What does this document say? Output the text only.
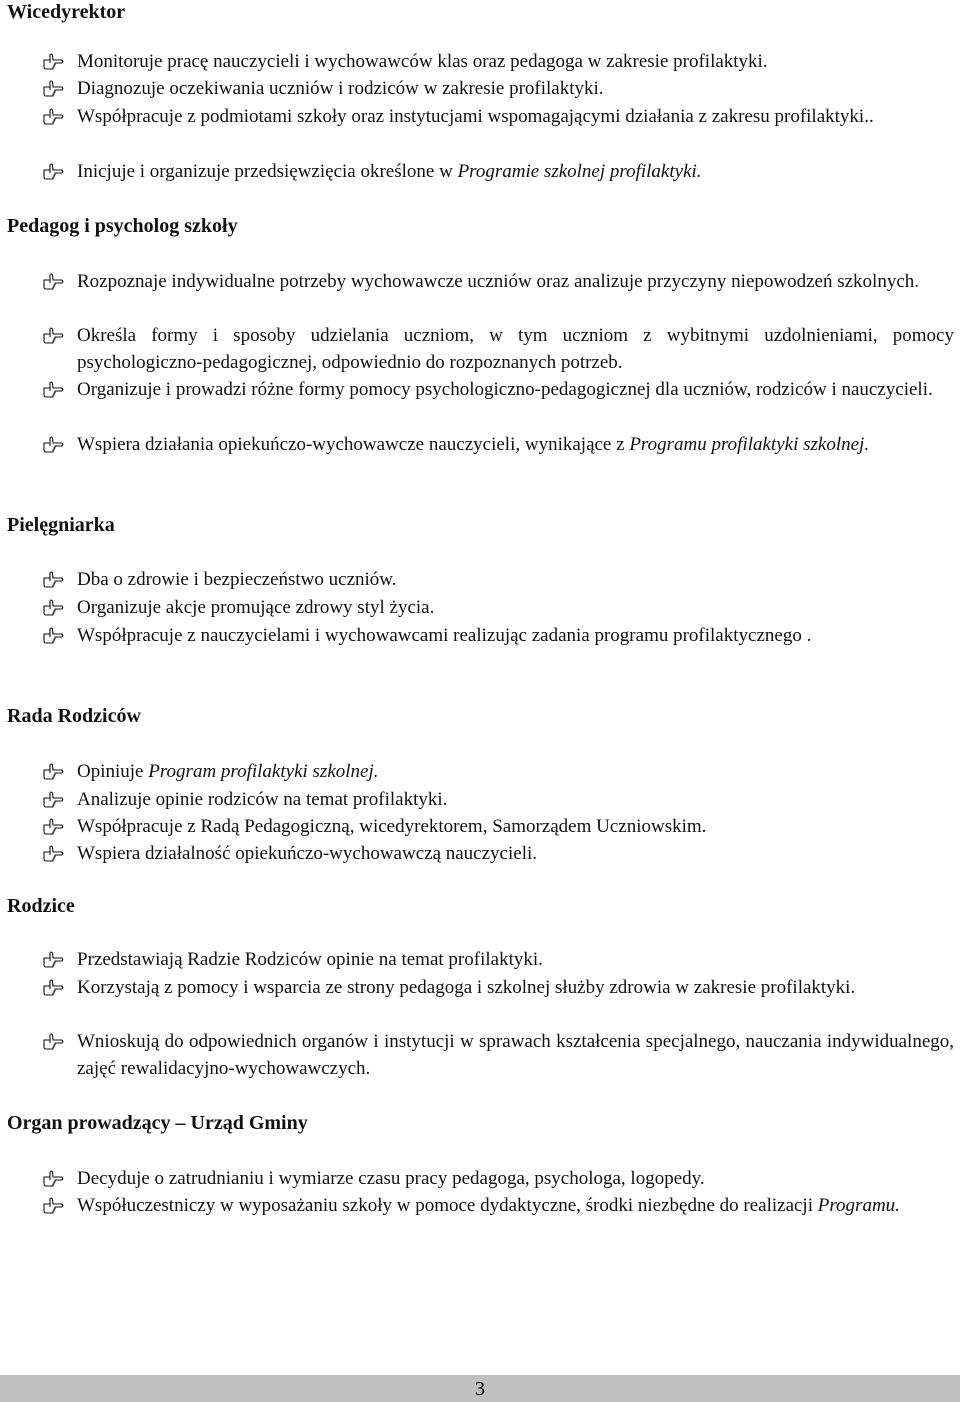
Wicedyrektor

Monitoruje pracę nauczycieli i wychowawców klas oraz pedagoga w zakresie profilaktyki.

Diagnozuje oczekiwania uczniów i rodziców w zakresie profilaktyki.

Współpracuje z podmiotami szkoły oraz instytucjami wspomagającymi działania z zakresu profilaktyki..

Inicjuje i organizuje przedsięwzięcia określone w Programie szkolnej profilaktyki.

Pedagog i psycholog szkoły

Rozpoznaje indywidualne potrzeby wychowawcze uczniów oraz analizuje przyczyny niepowodzeń szkolnych.

Określa formy i sposoby udzielania uczniom, w tym uczniom z wybitnymi uzdolnieniami, pomocy psychologiczno-pedagogicznej, odpowiednio do rozpoznanych potrzeb.

Organizuje i prowadzi różne formy pomocy psychologiczno-pedagogicznej dla uczniów, rodziców i nauczycieli.

Wspiera działania opiekuńczo-wychowawcze nauczycieli, wynikające z Programu profilaktyki szkolnej.

Pielęgniarka

Dba o zdrowie i bezpieczeństwo uczniów.

Organizuje akcje promujące zdrowy styl życia.

Współpracuje z nauczycielami i wychowawcami realizując zadania programu profilaktycznego .

Rada Rodziców

Opiniuje Program profilaktyki szkolnej.

Analizuje opinie rodziców na temat profilaktyki.

Współpracuje z Radą Pedagogiczną, wicedyrektorem, Samorządem Uczniowskim.

Wspiera działalność opiekuńczo-wychowawczą nauczycieli.

Rodzice

Przedstawiają Radzie Rodziców opinie na temat profilaktyki.

Korzystają z pomocy i wsparcia ze strony pedagoga i szkolnej służby zdrowia w zakresie profilaktyki.

Wnioskują do odpowiednich organów i instytucji w sprawach kształcenia specjalnego, nauczania indywidualnego, zajęć rewalidacyjno-wychowawczych.

Organ prowadzący – Urząd Gminy

Decyduje o zatrudnianiu i wymiarze czasu pracy pedagoga, psychologa, logopedy.

Współuczestniczy w wyposażaniu szkoły w pomoce dydaktyczne, środki niezbędne do realizacji Programu.

3
